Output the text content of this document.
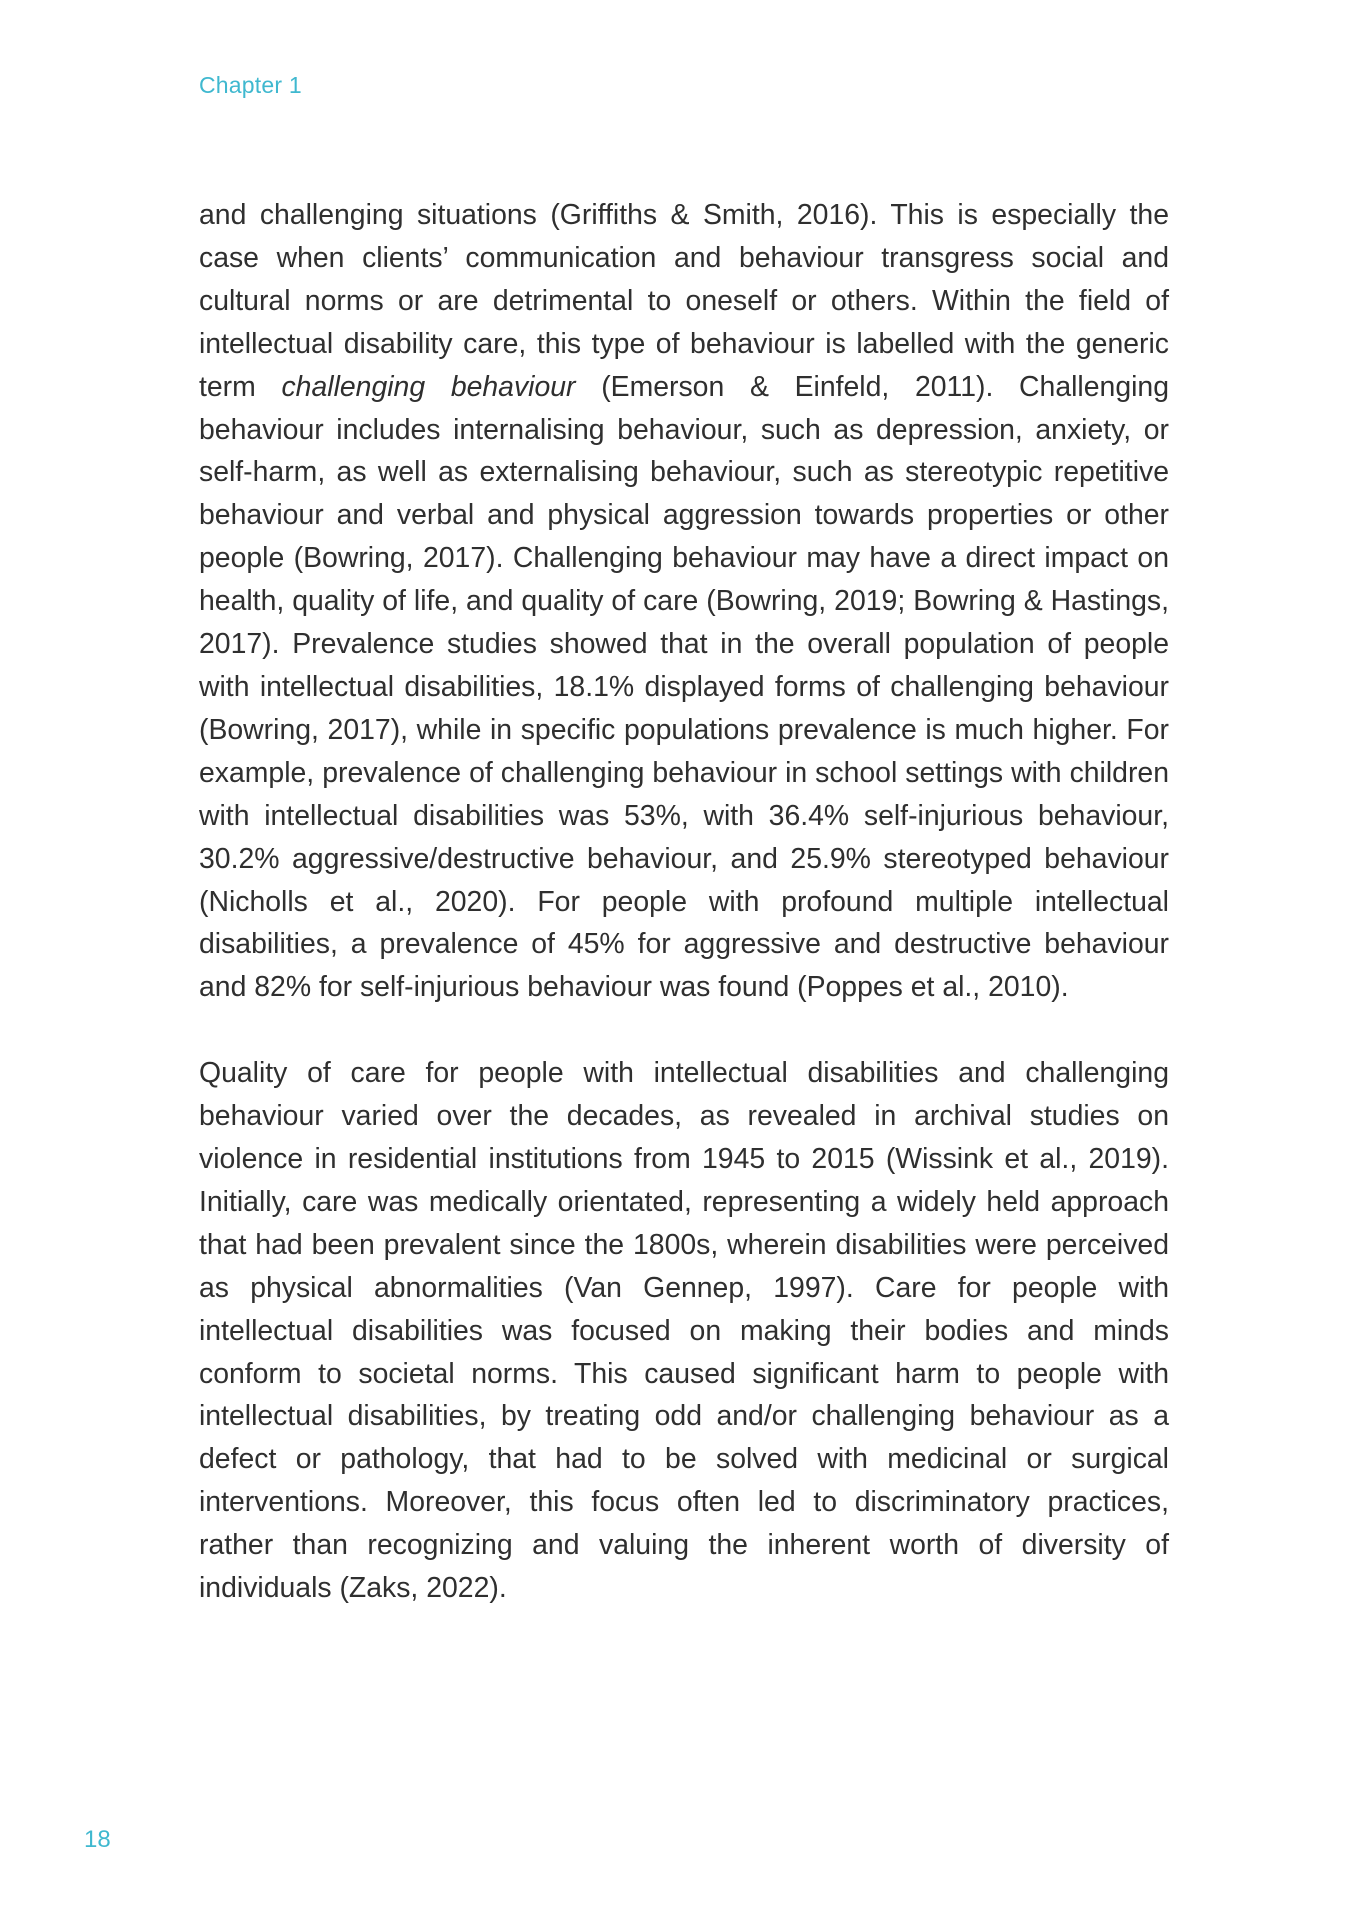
Chapter 1

and challenging situations (Griffiths & Smith, 2016). This is especially the case when clients’ communication and behaviour transgress social and cultural norms or are detrimental to oneself or others. Within the field of intellectual disability care, this type of behaviour is labelled with the generic term challenging behaviour (Emerson & Einfeld, 2011). Challenging behaviour includes internalising behaviour, such as depression, anxiety, or self-harm, as well as externalising behaviour, such as stereotypic repetitive behaviour and verbal and physical aggression towards properties or other people (Bowring, 2017). Challenging behaviour may have a direct impact on health, quality of life, and quality of care (Bowring, 2019; Bowring & Hastings, 2017). Prevalence studies showed that in the overall population of people with intellectual disabilities, 18.1% displayed forms of challenging behaviour (Bowring, 2017), while in specific populations prevalence is much higher. For example, prevalence of challenging behaviour in school settings with children with intellectual disabilities was 53%, with 36.4% self-injurious behaviour, 30.2% aggressive/destructive behaviour, and 25.9% stereotyped behaviour (Nicholls et al., 2020). For people with profound multiple intellectual disabilities, a prevalence of 45% for aggressive and destructive behaviour and 82% for self-injurious behaviour was found (Poppes et al., 2010).

Quality of care for people with intellectual disabilities and challenging behaviour varied over the decades, as revealed in archival studies on violence in residential institutions from 1945 to 2015 (Wissink et al., 2019). Initially, care was medically orientated, representing a widely held approach that had been prevalent since the 1800s, wherein disabilities were perceived as physical abnormalities (Van Gennep, 1997). Care for people with intellectual disabilities was focused on making their bodies and minds conform to societal norms. This caused significant harm to people with intellectual disabilities, by treating odd and/or challenging behaviour as a defect or pathology, that had to be solved with medicinal or surgical interventions. Moreover, this focus often led to discriminatory practices, rather than recognizing and valuing the inherent worth of diversity of individuals (Zaks, 2022).

18
